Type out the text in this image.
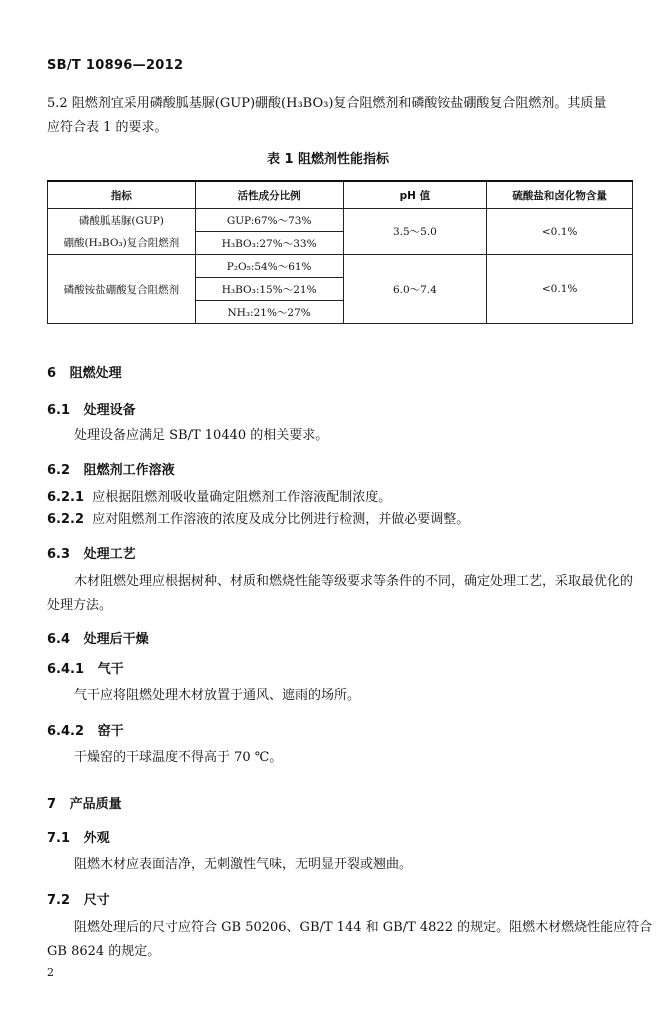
SB/T 10896—2012
5.2 阻燃剂宜采用磷酸胍基脲(GUP)硼酸(H₃BO₃)复合阻燃剂和磷酸铵盐硼酸复合阻燃剂。其质量
应符合表 1 的要求。
表 1 阻燃剂性能指标
指标	活性成分比例	pH 值	硫酸盐和卤化物含量

磷酸胍基脲(GUP)
硼酸(H₃BO₃)复合阻燃剂	GUP:67%～73%	3.5～5.0	<0.1%
	H₃BO₃:27%～33%		
磷酸铵盐硼酸复合阻燃剂	P₂O₅:54%～61%	6.0～7.4	<0.1%
	H₃BO₃:15%～21%		
	NH₃:21%～27%		
6 阻燃处理
6.1 处理设备
处理设备应满足 SB/T 10440 的相关要求。
6.2 阻燃剂工作溶液
6.2.1 应根据阻燃剂吸收量确定阻燃剂工作溶液配制浓度。
6.2.2 应对阻燃剂工作溶液的浓度及成分比例进行检测，并做必要调整。
6.3 处理工艺
木材阻燃处理应根据树种、材质和燃烧性能等级要求等条件的不同，确定处理工艺，采取最优化的
处理方法。
6.4 处理后干燥
6.4.1 气干
气干应将阻燃处理木材放置于通风、遮雨的场所。
6.4.2 窑干
干燥窑的干球温度不得高于 70 ℃。
7 产品质量
7.1 外观
阻燃木材应表面洁净，无刺激性气味，无明显开裂或翘曲。
7.2 尺寸
阻燃处理后的尺寸应符合 GB 50206、GB/T 144 和 GB/T 4822 的规定。阻燃木材燃烧性能应符合
GB 8624 的规定。
2
